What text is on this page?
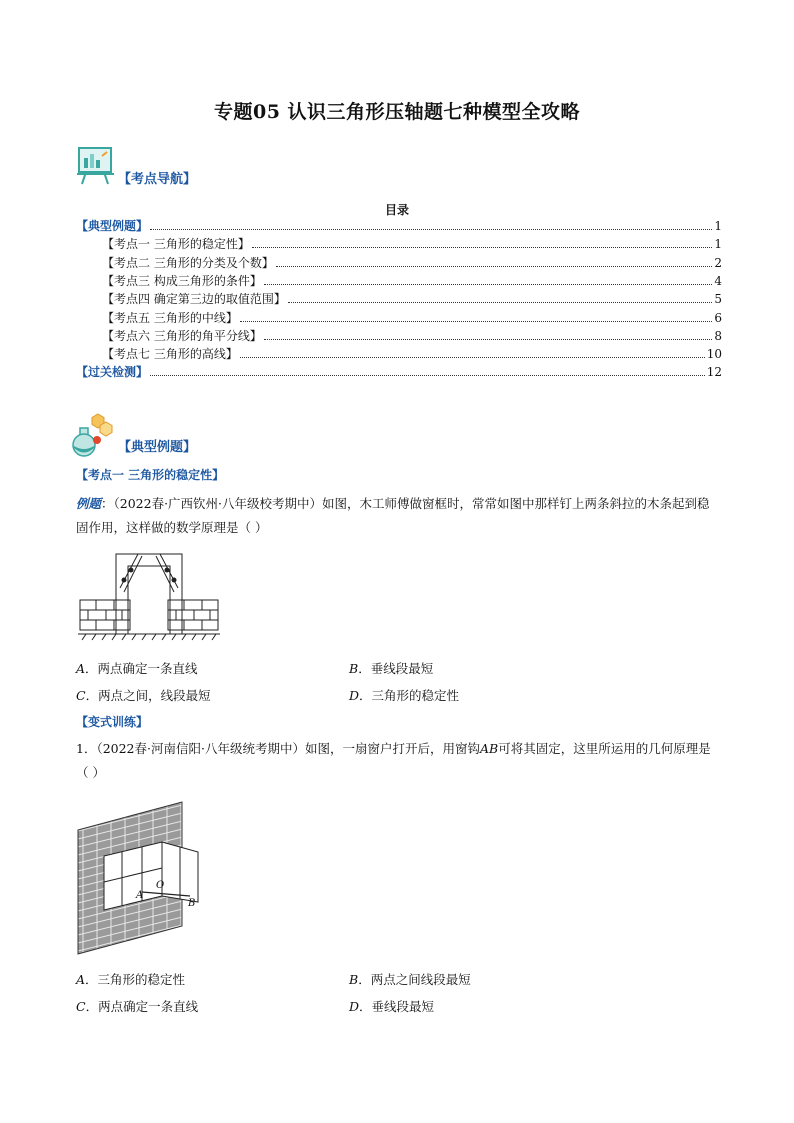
专题05 认识三角形压轴题七种模型全攻略
【考点导航】
目录
【典型例题】	1
【考点一 三角形的稳定性】	1
【考点二 三角形的分类及个数】	2
【考点三 构成三角形的条件】	4
【考点四 确定第三边的取值范围】	5
【考点五 三角形的中线】	6
【考点六 三角形的角平分线】	8
【考点七 三角形的高线】	10
【过关检测】	12
【典型例题】
【考点一 三角形的稳定性】
例题：（2022春·广西钦州·八年级校考期中）如图，木工师傅做窗框时，常常如图中那样钉上两条斜拉的木条起到稳固作用，这样做的数学原理是（ ）
A．两点确定一条直线	B．垂线段最短
C．两点之间，线段最短	D．三角形的稳定性
【变式训练】
1．（2022春·河南信阳·八年级统考期中）如图，一扇窗户打开后，用窗钩AB可将其固定，这里所运用的几何原理是（ ）
A
O
B
A．三角形的稳定性	B．两点之间线段最短
C．两点确定一条直线	D．垂线段最短
